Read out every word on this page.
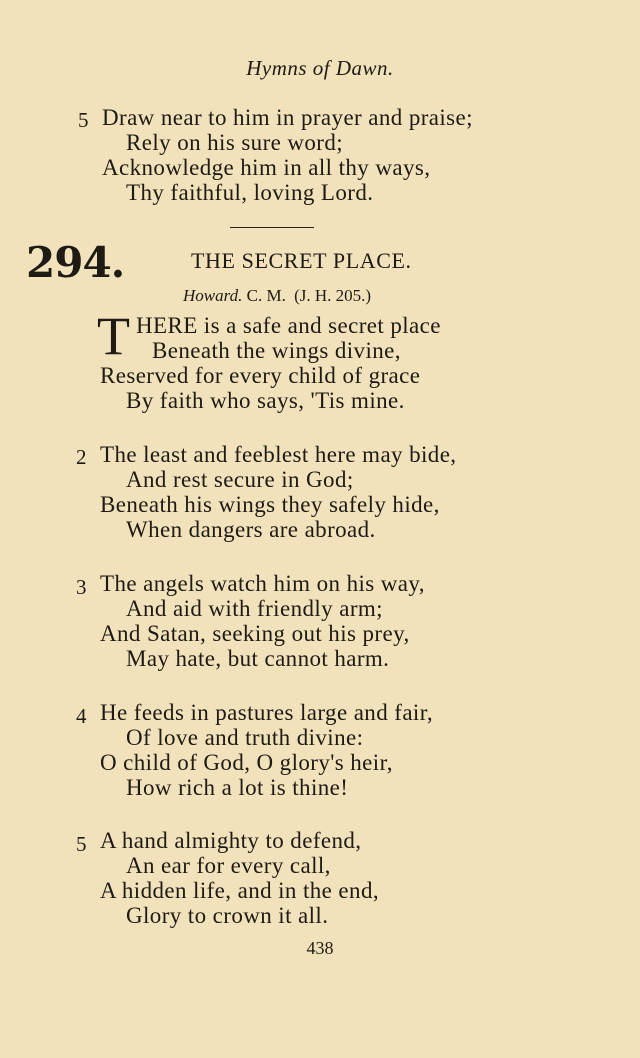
Hymns of Dawn.
5 Draw near to him in prayer and praise;
Rely on his sure word;
Acknowledge him in all thy ways,
Thy faithful, loving Lord.
294.	THE SECRET PLACE.
Howard. C. M. (J. H. 205.)
T HERE is a safe and secret place
Beneath the wings divine,
Reserved for every child of grace
By faith who says, 'Tis mine.
2 The least and feeblest here may bide,
And rest secure in God;
Beneath his wings they safely hide,
When dangers are abroad.
3 The angels watch him on his way,
And aid with friendly arm;
And Satan, seeking out his prey,
May hate, but cannot harm.
4 He feeds in pastures large and fair,
Of love and truth divine:
O child of God, O glory's heir,
How rich a lot is thine!
5 A hand almighty to defend,
An ear for every call,
A hidden life, and in the end,
Glory to crown it all.
438
